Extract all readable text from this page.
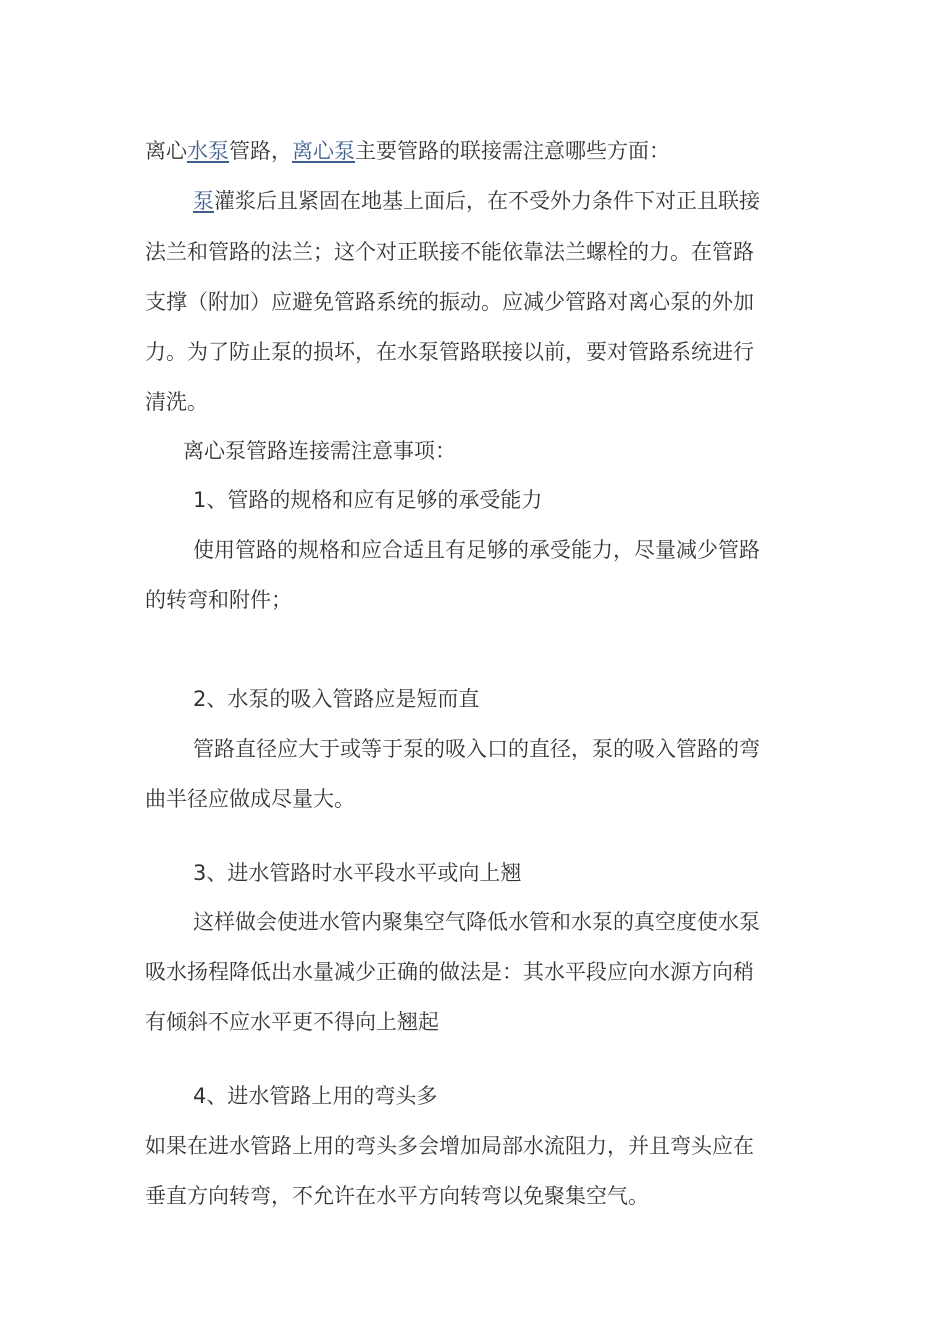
离心水泵管路，离心泵主要管路的联接需注意哪些方面：
泵灌浆后且紧固在地基上面后，在不受外力条件下对正且联接
法兰和管路的法兰；这个对正联接不能依靠法兰螺栓的力。在管路
支撑（附加）应避免管路系统的振动。应减少管路对离心泵的外加
力。为了防止泵的损坏，在水泵管路联接以前，要对管路系统进行
清洗。
离心泵管路连接需注意事项：
1、管路的规格和应有足够的承受能力
使用管路的规格和应合适且有足够的承受能力，尽量减少管路
的转弯和附件；
2、水泵的吸入管路应是短而直
管路直径应大于或等于泵的吸入口的直径，泵的吸入管路的弯
曲半径应做成尽量大。
3、进水管路时水平段水平或向上翘
这样做会使进水管内聚集空气降低水管和水泵的真空度使水泵
吸水扬程降低出水量减少正确的做法是：其水平段应向水源方向稍
有倾斜不应水平更不得向上翘起
4、进水管路上用的弯头多
如果在进水管路上用的弯头多会增加局部水流阻力，并且弯头应在
垂直方向转弯，不允许在水平方向转弯以免聚集空气。
